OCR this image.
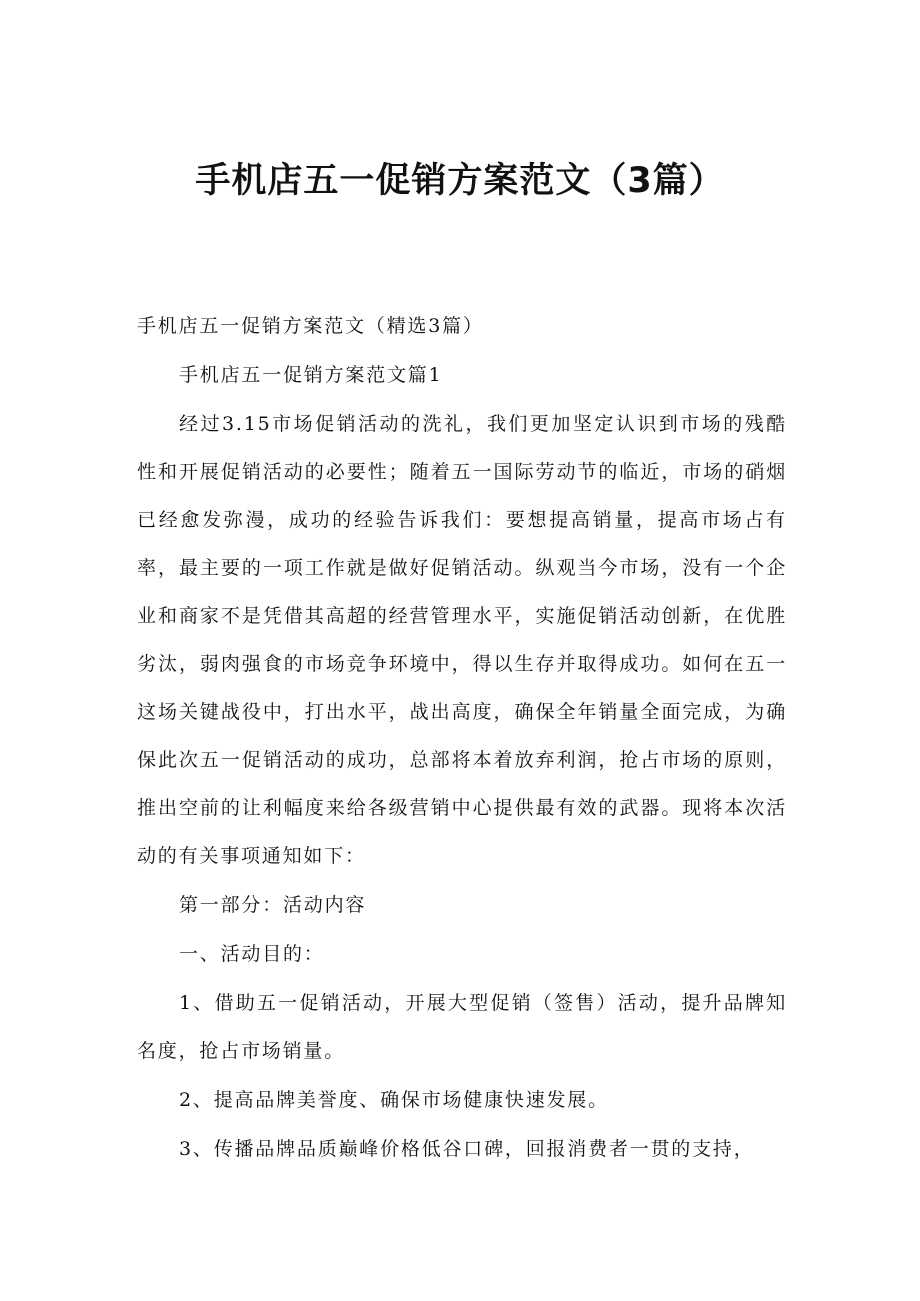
手机店五一促销方案范文（3篇）

手机店五一促销方案范文（精选3篇）

手机店五一促销方案范文篇1

经过3.15市场促销活动的洗礼，我们更加坚定认识到市场的残酷性和开展促销活动的必要性；随着五一国际劳动节的临近，市场的硝烟已经愈发弥漫，成功的经验告诉我们：要想提高销量，提高市场占有率，最主要的一项工作就是做好促销活动。纵观当今市场，没有一个企业和商家不是凭借其高超的经营管理水平，实施促销活动创新，在优胜劣汰，弱肉强食的市场竞争环境中，得以生存并取得成功。如何在五一这场关键战役中，打出水平，战出高度，确保全年销量全面完成，为确保此次五一促销活动的成功，总部将本着放弃利润，抢占市场的原则，推出空前的让利幅度来给各级营销中心提供最有效的武器。现将本次活动的有关事项通知如下：

第一部分：活动内容

一、活动目的：

1、借助五一促销活动，开展大型促销（签售）活动，提升品牌知名度，抢占市场销量。

2、提高品牌美誉度、确保市场健康快速发展。

3、传播品牌品质巅峰价格低谷口碑，回报消费者一贯的支持，
